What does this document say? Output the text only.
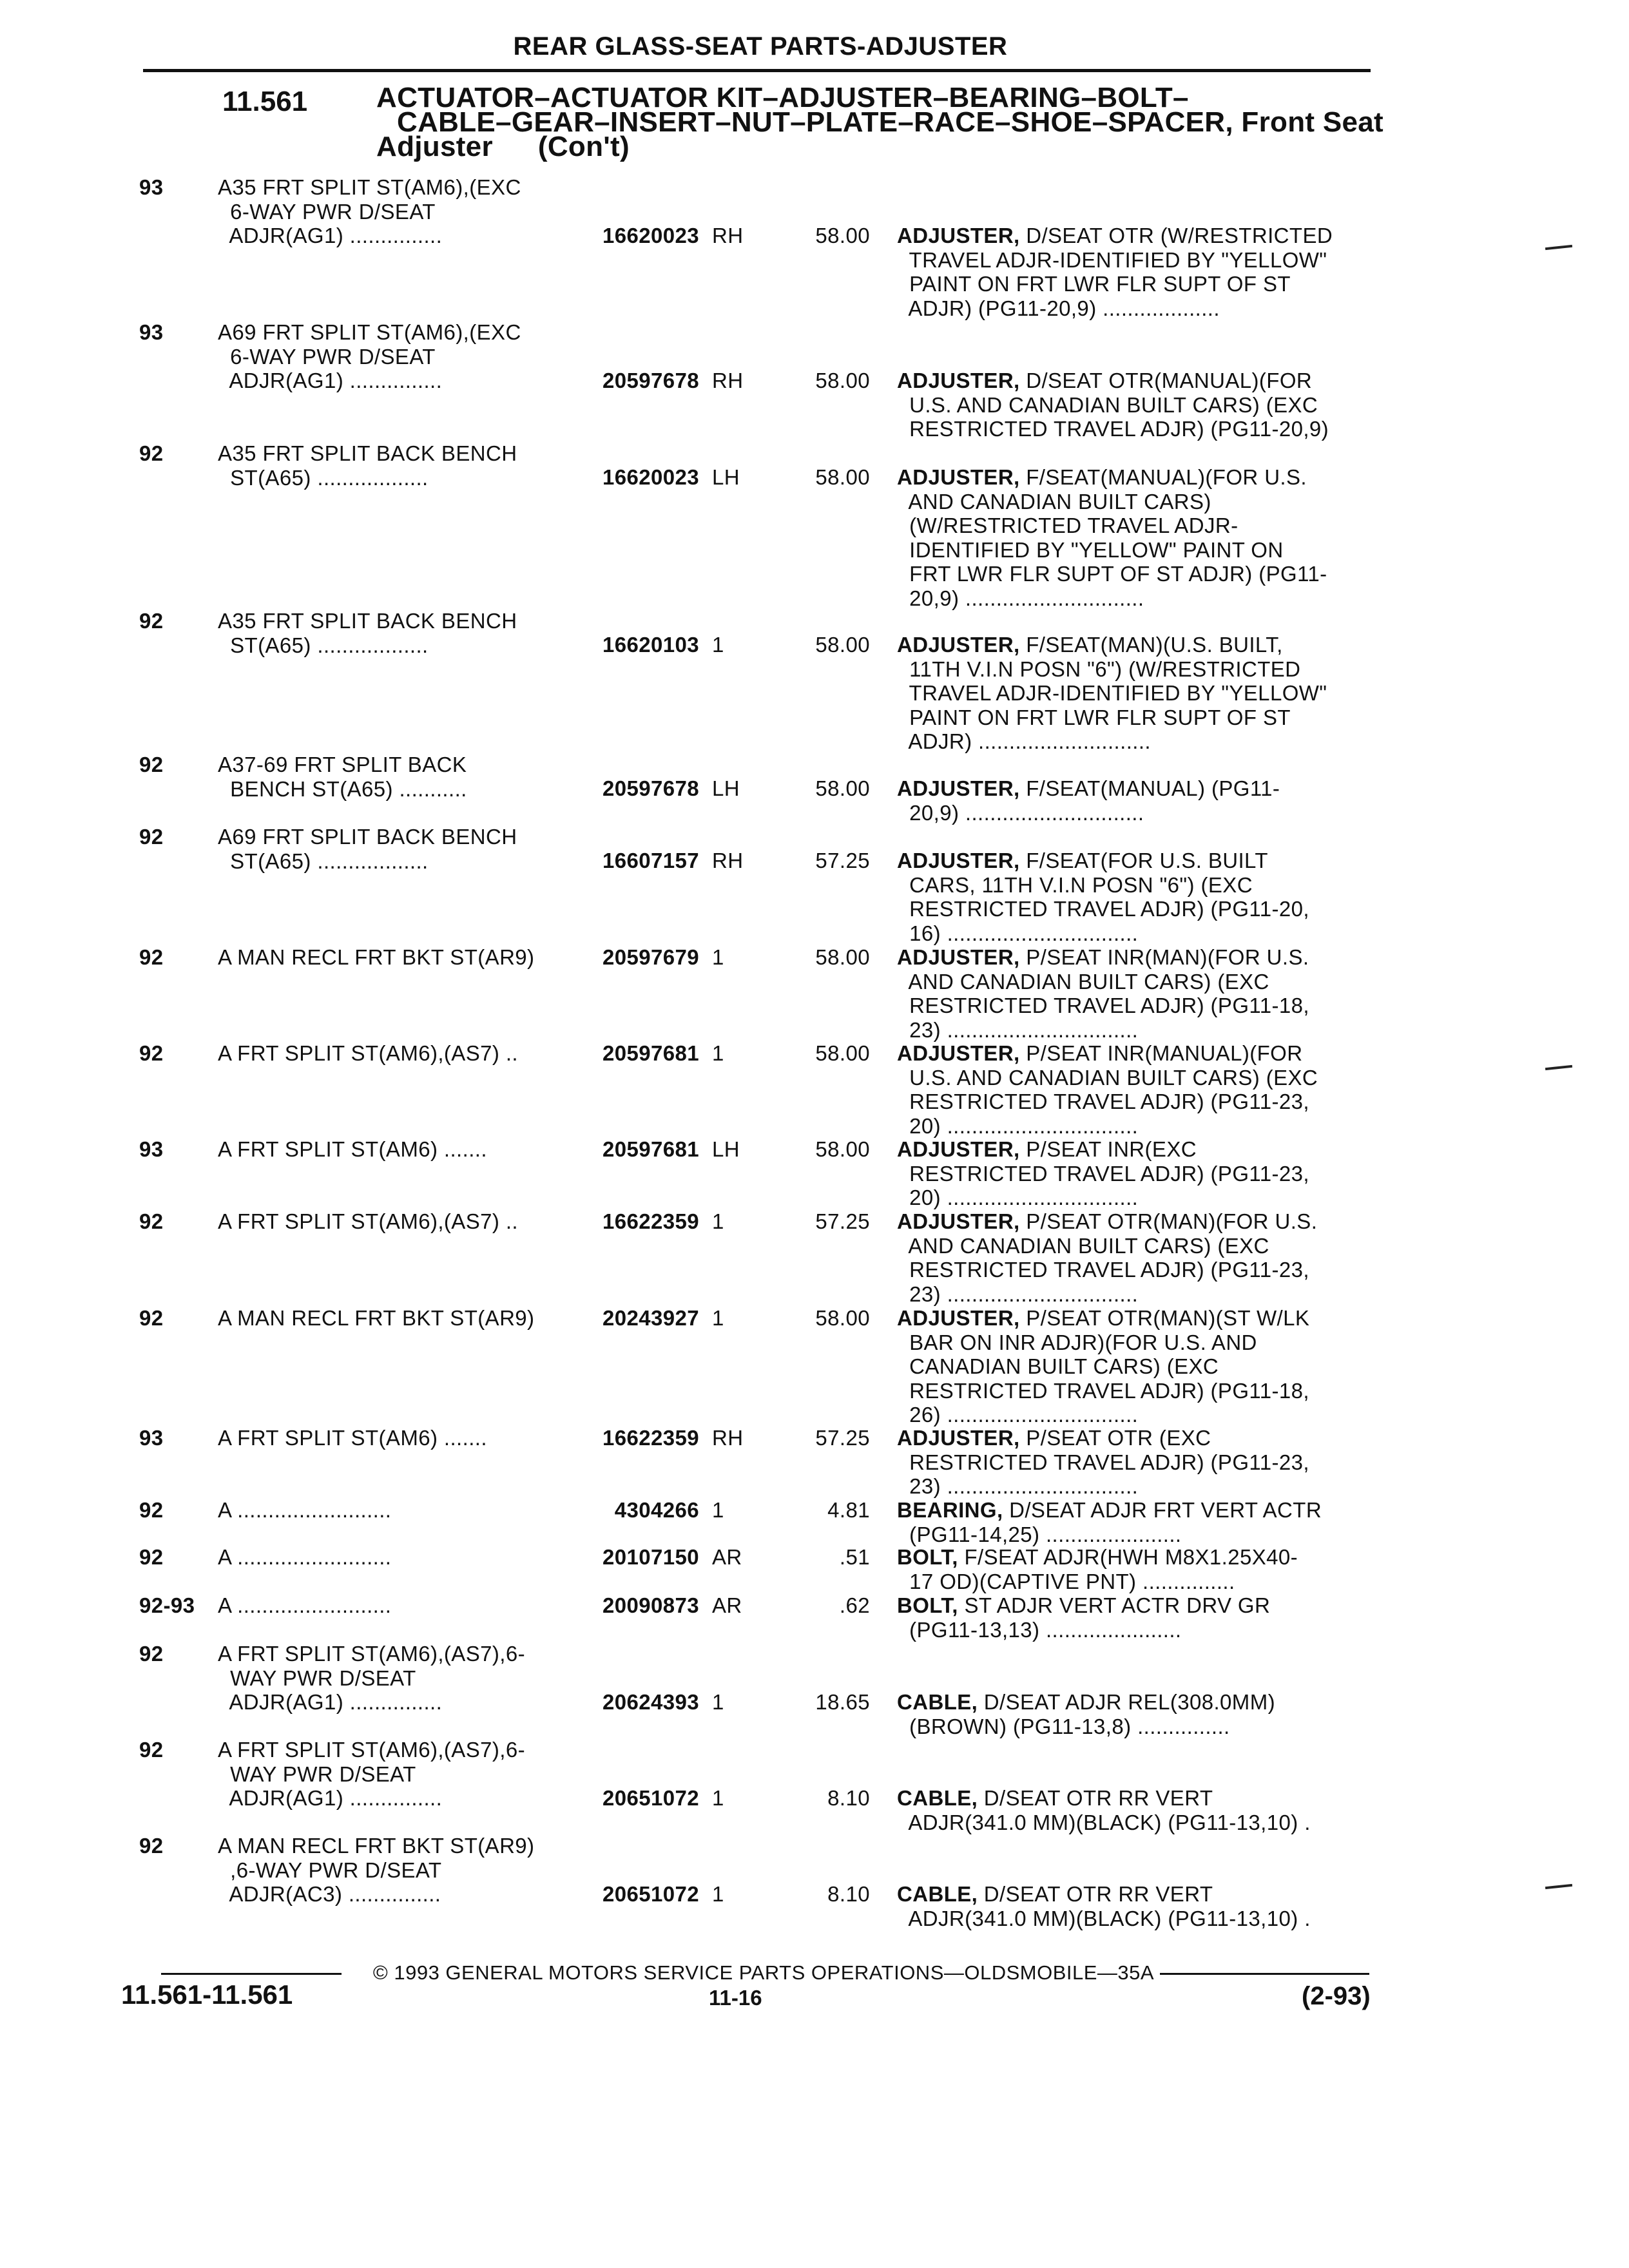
REAR GLASS-SEAT PARTS-ADJUSTER
11.561 ACTUATOR–ACTUATOR KIT–ADJUSTER–BEARING–BOLT–
CABLE–GEAR–INSERT–NUT–PLATE–RACE–SHOE–SPACER, Front Seat
Adjuster (Con't)
93	A35 FRT SPLIT ST(AM6),(EXC
6-WAY PWR D/SEAT
ADJR(AG1) ...............	16620023 RH	58.00 ADJUSTER, D/SEAT OTR (W/RESTRICTED
TRAVEL ADJR-IDENTIFIED BY "YELLOW"
PAINT ON FRT LWR FLR SUPT OF ST
ADJR) (PG11-20,9) ...................
93	A69 FRT SPLIT ST(AM6),(EXC
6-WAY PWR D/SEAT
ADJR(AG1) ...............	20597678 RH	58.00 ADJUSTER, D/SEAT OTR(MANUAL)(FOR
U.S. AND CANADIAN BUILT CARS) (EXC
RESTRICTED TRAVEL ADJR) (PG11-20,9)
92	A35 FRT SPLIT BACK BENCH
ST(A65) ..................	16620023 LH	58.00 ADJUSTER, F/SEAT(MANUAL)(FOR U.S.
AND CANADIAN BUILT CARS)
(W/RESTRICTED TRAVEL ADJR-
IDENTIFIED BY "YELLOW" PAINT ON
FRT LWR FLR SUPT OF ST ADJR) (PG11-
20,9) .............................
92	A35 FRT SPLIT BACK BENCH
ST(A65) ..................	16620103 1	58.00 ADJUSTER, F/SEAT(MAN)(U.S. BUILT,
11TH V.I.N POSN "6") (W/RESTRICTED
TRAVEL ADJR-IDENTIFIED BY "YELLOW"
PAINT ON FRT LWR FLR SUPT OF ST
ADJR) ............................
92	A37-69 FRT SPLIT BACK
BENCH ST(A65) ...........	20597678 LH	58.00 ADJUSTER, F/SEAT(MANUAL) (PG11-
20,9) .............................
92	A69 FRT SPLIT BACK BENCH
ST(A65) ..................	16607157 RH	57.25 ADJUSTER, F/SEAT(FOR U.S. BUILT
CARS, 11TH V.I.N POSN "6") (EXC
RESTRICTED TRAVEL ADJR) (PG11-20,
16) ...............................
92	A MAN RECL FRT BKT ST(AR9)	20597679 1	58.00 ADJUSTER, P/SEAT INR(MAN)(FOR U.S.
AND CANADIAN BUILT CARS) (EXC
RESTRICTED TRAVEL ADJR) (PG11-18,
23) ...............................
92	A FRT SPLIT ST(AM6),(AS7) ..	20597681 1	58.00 ADJUSTER, P/SEAT INR(MANUAL)(FOR
U.S. AND CANADIAN BUILT CARS) (EXC
RESTRICTED TRAVEL ADJR) (PG11-23,
20) ...............................
93	A FRT SPLIT ST(AM6) .......	20597681 LH	58.00 ADJUSTER, P/SEAT INR(EXC
RESTRICTED TRAVEL ADJR) (PG11-23,
20) ...............................
92	A FRT SPLIT ST(AM6),(AS7) ..	16622359 1	57.25 ADJUSTER, P/SEAT OTR(MAN)(FOR U.S.
AND CANADIAN BUILT CARS) (EXC
RESTRICTED TRAVEL ADJR) (PG11-23,
23) ...............................
92	A MAN RECL FRT BKT ST(AR9)	20243927 1	58.00 ADJUSTER, P/SEAT OTR(MAN)(ST W/LK
BAR ON INR ADJR)(FOR U.S. AND
CANADIAN BUILT CARS) (EXC
RESTRICTED TRAVEL ADJR) (PG11-18,
26) ...............................
93	A FRT SPLIT ST(AM6) .......	16622359 RH	57.25 ADJUSTER, P/SEAT OTR (EXC
RESTRICTED TRAVEL ADJR) (PG11-23,
23) ...............................
92	A .........................	4304266 1	4.81 BEARING, D/SEAT ADJR FRT VERT ACTR
(PG11-14,25) ......................
92	A .........................	20107150 AR	.51 BOLT, F/SEAT ADJR(HWH M8X1.25X40-
17 OD)(CAPTIVE PNT) ...............
92-93	A .........................	20090873 AR	.62 BOLT, ST ADJR VERT ACTR DRV GR
(PG11-13,13) ......................
92	A FRT SPLIT ST(AM6),(AS7),6-
WAY PWR D/SEAT
ADJR(AG1) ...............	20624393 1	18.65 CABLE, D/SEAT ADJR REL(308.0MM)
(BROWN) (PG11-13,8) ...............
92	A FRT SPLIT ST(AM6),(AS7),6-
WAY PWR D/SEAT
ADJR(AG1) ...............	20651072 1	8.10 CABLE, D/SEAT OTR RR VERT
ADJR(341.0 MM)(BLACK) (PG11-13,10) .
92	A MAN RECL FRT BKT ST(AR9)
,6-WAY PWR D/SEAT
ADJR(AC3) ...............	20651072 1	8.10 CABLE, D/SEAT OTR RR VERT
ADJR(341.0 MM)(BLACK) (PG11-13,10) .
© 1993 GENERAL MOTORS SERVICE PARTS OPERATIONS—OLDSMOBILE—35A
11.561-11.561	11-16	(2-93)
